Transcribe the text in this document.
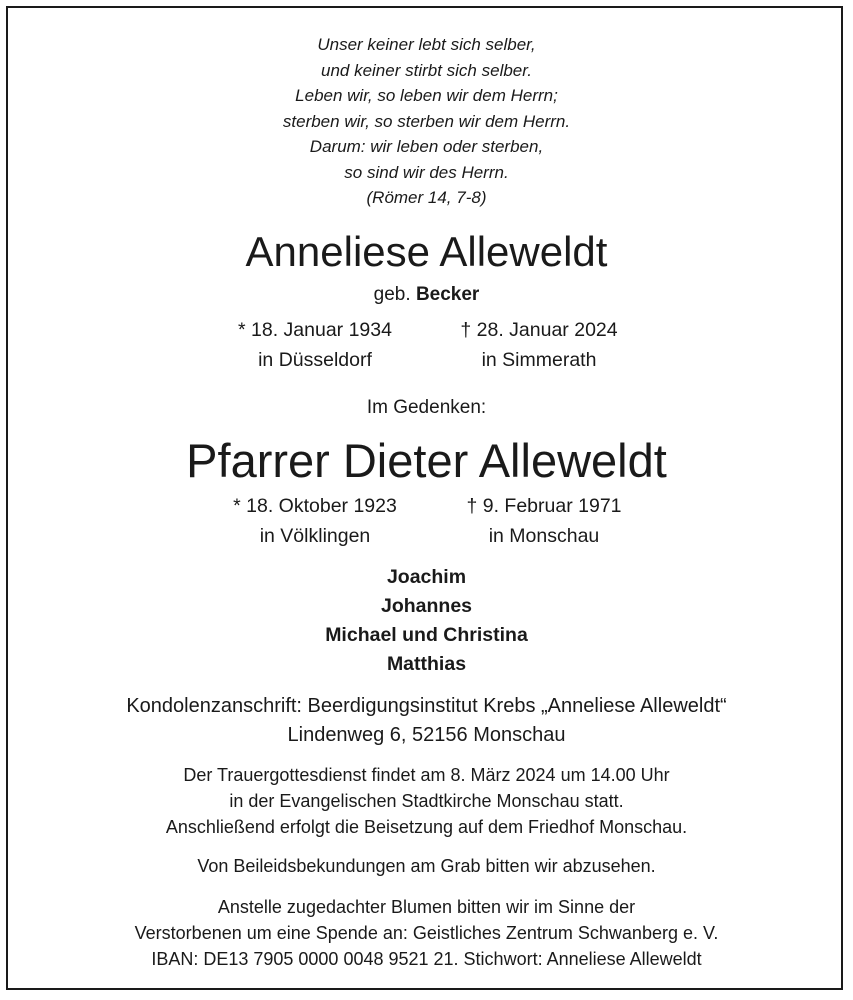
Unser keiner lebt sich selber,
und keiner stirbt sich selber.
Leben wir, so leben wir dem Herrn;
sterben wir, so sterben wir dem Herrn.
Darum: wir leben oder sterben,
so sind wir des Herrn.
(Römer 14, 7-8)
Anneliese Alleweldt
geb. Becker
* 18. Januar 1934
in Düsseldorf
† 28. Januar 2024
in Simmerath
Im Gedenken:
Pfarrer Dieter Alleweldt
* 18. Oktober 1923
in Völklingen
† 9. Februar 1971
in Monschau
Joachim
Johannes
Michael und Christina
Matthias
Kondolenzanschrift: Beerdigungsinstitut Krebs „Anneliese Alleweldt“
Lindenweg 6, 52156 Monschau
Der Trauergottesdienst findet am 8. März 2024 um 14.00 Uhr
in der Evangelischen Stadtkirche Monschau statt.
Anschließend erfolgt die Beisetzung auf dem Friedhof Monschau.
Von Beileidsbekundungen am Grab bitten wir abzusehen.
Anstelle zugedachter Blumen bitten wir im Sinne der
Verstorbenen um eine Spende an: Geistliches Zentrum Schwanberg e. V.
IBAN: DE13 7905 0000 0048 9521 21. Stichwort: Anneliese Alleweldt
